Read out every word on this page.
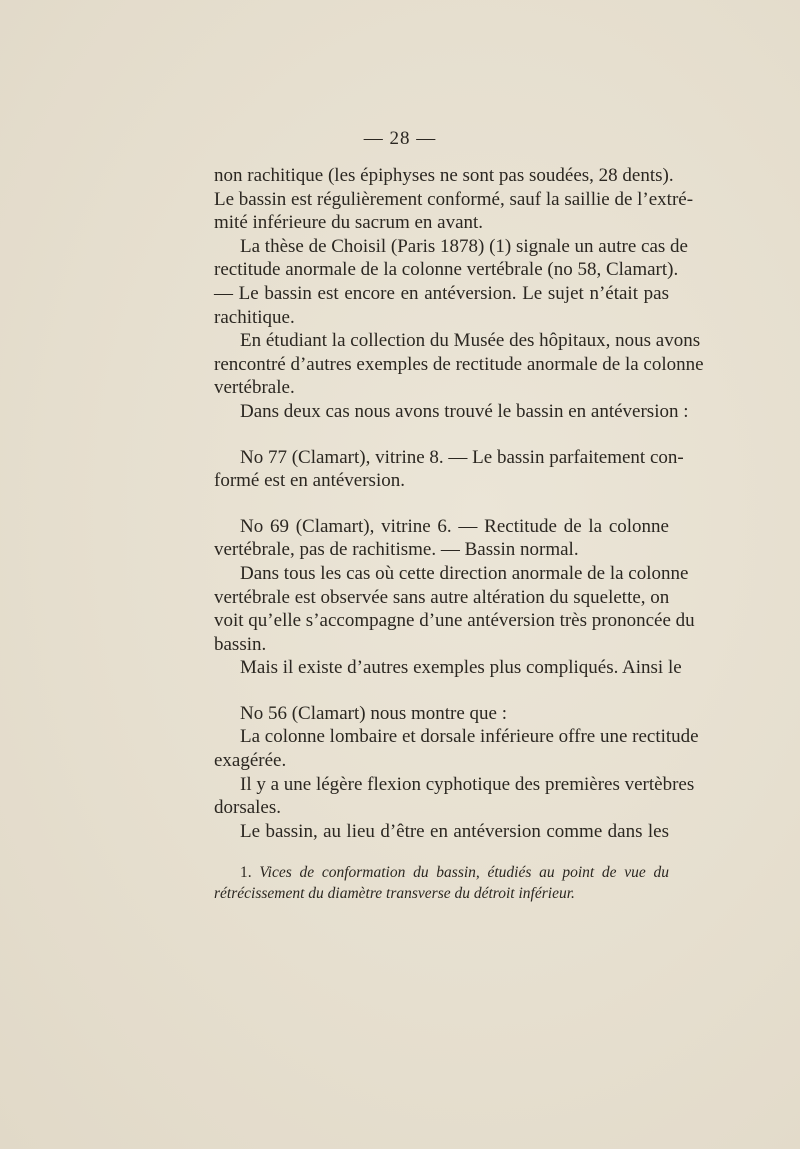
— 28 —
non rachitique (les épiphyses ne sont pas soudées, 28 dents).
Le bassin est régulièrement conformé, sauf la saillie de l’extré-
mité inférieure du sacrum en avant.
La thèse de Choisil (Paris 1878) (1) signale un autre cas de
rectitude anormale de la colonne vertébrale (no 58, Clamart).
— Le bassin est encore en antéversion. Le sujet n’était pas
rachitique.
En étudiant la collection du Musée des hôpitaux, nous avons
rencontré d’autres exemples de rectitude anormale de la colonne
vertébrale.
Dans deux cas nous avons trouvé le bassin en antéversion :
No 77 (Clamart), vitrine 8. — Le bassin parfaitement con-
formé est en antéversion.
No 69 (Clamart), vitrine 6. — Rectitude de la colonne
vertébrale, pas de rachitisme. — Bassin normal.
Dans tous les cas où cette direction anormale de la colonne
vertébrale est observée sans autre altération du squelette, on
voit qu’elle s’accompagne d’une antéversion très prononcée du
bassin.
Mais il existe d’autres exemples plus compliqués. Ainsi le
No 56 (Clamart) nous montre que :
La colonne lombaire et dorsale inférieure offre une rectitude
exagérée.
Il y a une légère flexion cyphotique des premières vertèbres
dorsales.
Le bassin, au lieu d’être en antéversion comme dans les
1. Vices de conformation du bassin, étudiés au point de vue du
rétrécissement du diamètre transverse du détroit inférieur.
